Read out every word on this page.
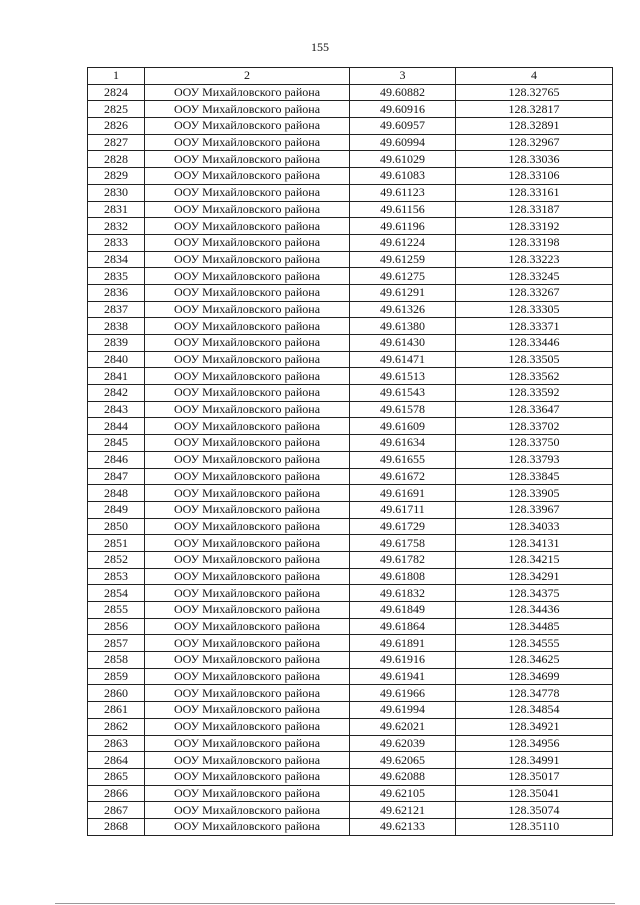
155
1	2	3	4
2824	ООУ Михайловского района	49.60882	128.32765
2825	ООУ Михайловского района	49.60916	128.32817
2826	ООУ Михайловского района	49.60957	128.32891
2827	ООУ Михайловского района	49.60994	128.32967
2828	ООУ Михайловского района	49.61029	128.33036
2829	ООУ Михайловского района	49.61083	128.33106
2830	ООУ Михайловского района	49.61123	128.33161
2831	ООУ Михайловского района	49.61156	128.33187
2832	ООУ Михайловского района	49.61196	128.33192
2833	ООУ Михайловского района	49.61224	128.33198
2834	ООУ Михайловского района	49.61259	128.33223
2835	ООУ Михайловского района	49.61275	128.33245
2836	ООУ Михайловского района	49.61291	128.33267
2837	ООУ Михайловского района	49.61326	128.33305
2838	ООУ Михайловского района	49.61380	128.33371
2839	ООУ Михайловского района	49.61430	128.33446
2840	ООУ Михайловского района	49.61471	128.33505
2841	ООУ Михайловского района	49.61513	128.33562
2842	ООУ Михайловского района	49.61543	128.33592
2843	ООУ Михайловского района	49.61578	128.33647
2844	ООУ Михайловского района	49.61609	128.33702
2845	ООУ Михайловского района	49.61634	128.33750
2846	ООУ Михайловского района	49.61655	128.33793
2847	ООУ Михайловского района	49.61672	128.33845
2848	ООУ Михайловского района	49.61691	128.33905
2849	ООУ Михайловского района	49.61711	128.33967
2850	ООУ Михайловского района	49.61729	128.34033
2851	ООУ Михайловского района	49.61758	128.34131
2852	ООУ Михайловского района	49.61782	128.34215
2853	ООУ Михайловского района	49.61808	128.34291
2854	ООУ Михайловского района	49.61832	128.34375
2855	ООУ Михайловского района	49.61849	128.34436
2856	ООУ Михайловского района	49.61864	128.34485
2857	ООУ Михайловского района	49.61891	128.34555
2858	ООУ Михайловского района	49.61916	128.34625
2859	ООУ Михайловского района	49.61941	128.34699
2860	ООУ Михайловского района	49.61966	128.34778
2861	ООУ Михайловского района	49.61994	128.34854
2862	ООУ Михайловского района	49.62021	128.34921
2863	ООУ Михайловского района	49.62039	128.34956
2864	ООУ Михайловского района	49.62065	128.34991
2865	ООУ Михайловского района	49.62088	128.35017
2866	ООУ Михайловского района	49.62105	128.35041
2867	ООУ Михайловского района	49.62121	128.35074
2868	ООУ Михайловского района	49.62133	128.35110
